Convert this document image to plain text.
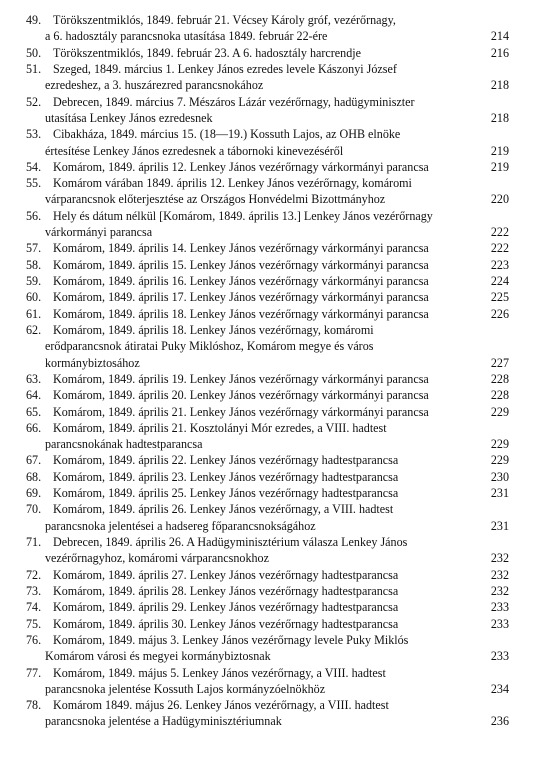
49. Törökszentmiklós, 1849. február 21. Vécsey Károly gróf, vezérőrnagy,
a 6. hadosztály parancsnoka utasítása 1849. február 22-ére	214
50. Törökszentmiklós, 1849. február 23. A 6. hadosztály harcrendje	216
51. Szeged, 1849. március 1. Lenkey János ezredes levele Kászonyi József
ezredeshez, a 3. huszárezred parancsnokához	218
52. Debrecen, 1849. március 7. Mészáros Lázár vezérőrnagy, hadügyminiszter
utasítása Lenkey János ezredesnek	218
53. Cibakháza, 1849. március 15. (18—19.) Kossuth Lajos, az OHB elnöke
értesítése Lenkey János ezredesnek a tábornoki kinevezéséről	219
54. Komárom, 1849. április 12. Lenkey János vezérőrnagy várkormányi parancsa	219
55. Komárom várában 1849. április 12. Lenkey János vezérőrnagy, komáromi
várparancsnok előterjesztése az Országos Honvédelmi Bizottmányhoz	220
56. Hely és dátum nélkül [Komárom, 1849. április 13.] Lenkey János vezérőrnagy
várkormányi parancsa	222
57. Komárom, 1849. április 14. Lenkey János vezérőrnagy várkormányi parancsa	222
58. Komárom, 1849. április 15. Lenkey János vezérőrnagy várkormányi parancsa	223
59. Komárom, 1849. április 16. Lenkey János vezérőrnagy várkormányi parancsa	224
60. Komárom, 1849. április 17. Lenkey János vezérőrnagy várkormányi parancsa	225
61. Komárom, 1849. április 18. Lenkey János vezérőrnagy várkormányi parancsa	226
62. Komárom, 1849. április 18. Lenkey János vezérőrnagy, komáromi
erődparancsnok átiratai Puky Miklóshoz, Komárom megye és város
kormánybiztosához	227
63. Komárom, 1849. április 19. Lenkey János vezérőrnagy várkormányi parancsa	228
64. Komárom, 1849. április 20. Lenkey János vezérőrnagy várkormányi parancsa	228
65. Komárom, 1849. április 21. Lenkey János vezérőrnagy várkormányi parancsa	229
66. Komárom, 1849. április 21. Kosztolányi Mór ezredes, a VIII. hadtest
parancsnokának hadtestparancsa	229
67. Komárom, 1849. április 22. Lenkey János vezérőrnagy hadtestparancsa	229
68. Komárom, 1849. április 23. Lenkey János vezérőrnagy hadtestparancsa	230
69. Komárom, 1849. április 25. Lenkey János vezérőrnagy hadtestparancsa	231
70. Komárom, 1849. április 26. Lenkey János vezérőrnagy, a VIII. hadtest
parancsnoka jelentései a hadsereg főparancsnokságához	231
71. Debrecen, 1849. április 26. A Hadügyminisztérium válasza Lenkey János
vezérőrnagyhoz, komáromi várparancsnokhoz	232
72. Komárom, 1849. április 27. Lenkey János vezérőrnagy hadtestparancsa	232
73. Komárom, 1849. április 28. Lenkey János vezérőrnagy hadtestparancsa	232
74. Komárom, 1849. április 29. Lenkey János vezérőrnagy hadtestparancsa	233
75. Komárom, 1849. április 30. Lenkey János vezérőrnagy hadtestparancsa	233
76. Komárom, 1849. május 3. Lenkey János vezérőrnagy levele Puky Miklós
Komárom városi és megyei kormánybiztosnak	233
77. Komárom, 1849. május 5. Lenkey János vezérőrnagy, a VIII. hadtest
parancsnoka jelentése Kossuth Lajos kormányzóelnökhöz	234
78. Komárom 1849. május 26. Lenkey János vezérőrnagy, a VIII. hadtest
parancsnoka jelentése a Hadügyminisztériumnak	236
